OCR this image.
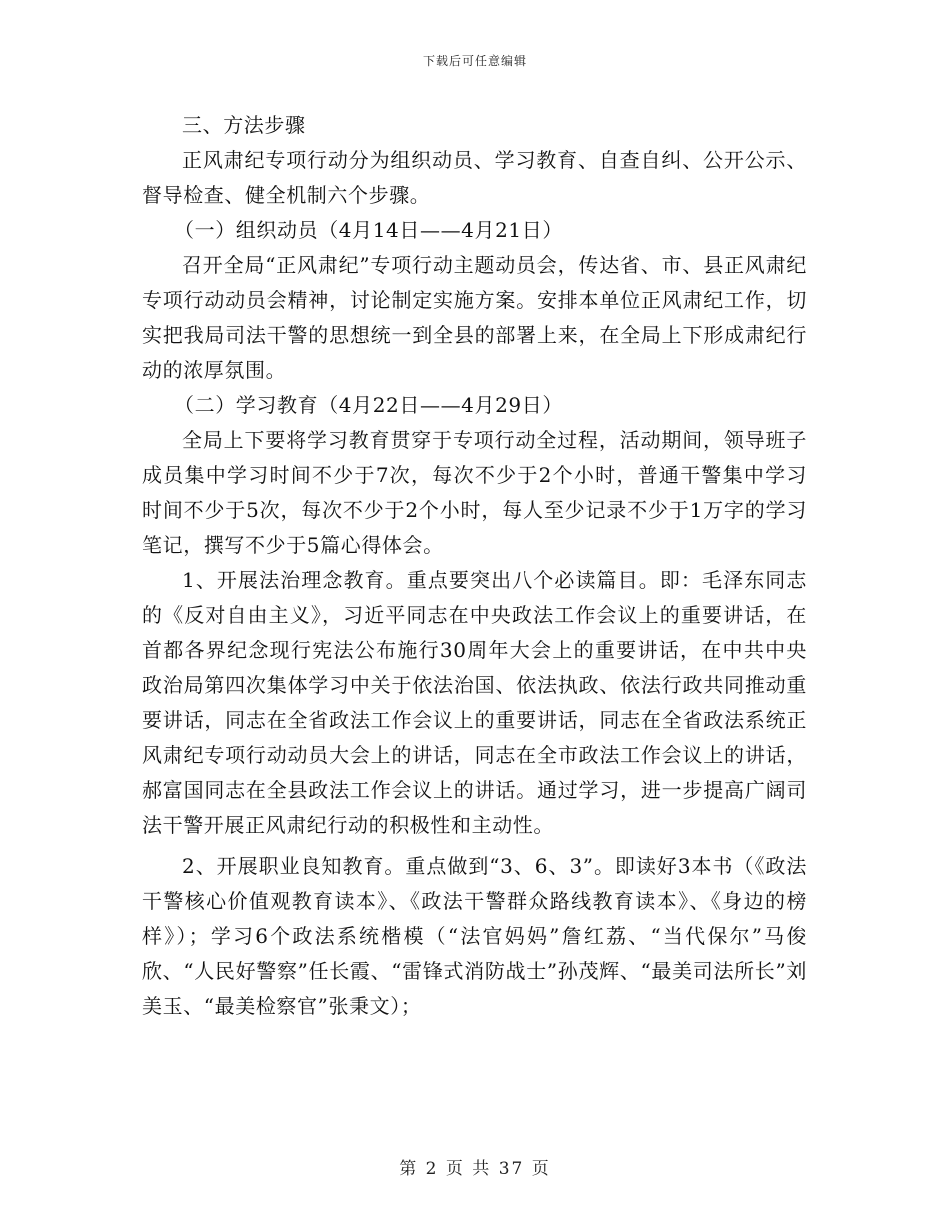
下载后可任意编辑

三、方法步骤

正风肃纪专项行动分为组织动员、学习教育、自查自纠、公开公示、督导检查、健全机制六个步骤。

（一）组织动员（4月14日——4月21日）

召开全局“正风肃纪”专项行动主题动员会，传达省、市、县正风肃纪专项行动动员会精神，讨论制定实施方案。安排本单位正风肃纪工作，切实把我局司法干警的思想统一到全县的部署上来，在全局上下形成肃纪行动的浓厚氛围。

（二）学习教育（4月22日——4月29日）

全局上下要将学习教育贯穿于专项行动全过程，活动期间，领导班子成员集中学习时间不少于7次，每次不少于2个小时，普通干警集中学习时间不少于5次，每次不少于2个小时，每人至少记录不少于1万字的学习笔记，撰写不少于5篇心得体会。

1、开展法治理念教育。重点要突出八个必读篇目。即：毛泽东同志的《反对自由主义》，习近平同志在中央政法工作会议上的重要讲话，在首都各界纪念现行宪法公布施行30周年大会上的重要讲话，在中共中央政治局第四次集体学习中关于依法治国、依法执政、依法行政共同推动重要讲话，同志在全省政法工作会议上的重要讲话，同志在全省政法系统正风肃纪专项行动动员大会上的讲话，同志在全市政法工作会议上的讲话，郝富国同志在全县政法工作会议上的讲话。通过学习，进一步提高广阔司法干警开展正风肃纪行动的积极性和主动性。

2、开展职业良知教育。重点做到“3、6、3”。即读好3本书（《政法干警核心价值观教育读本》、《政法干警群众路线教育读本》、《身边的榜样》）；学习6个政法系统楷模（“法官妈妈”詹红荔、“当代保尔”马俊欣、“人民好警察”任长霞、“雷锋式消防战士”孙茂辉、“最美司法所长”刘美玉、“最美检察官”张秉文）；

第 2 页 共 37 页
